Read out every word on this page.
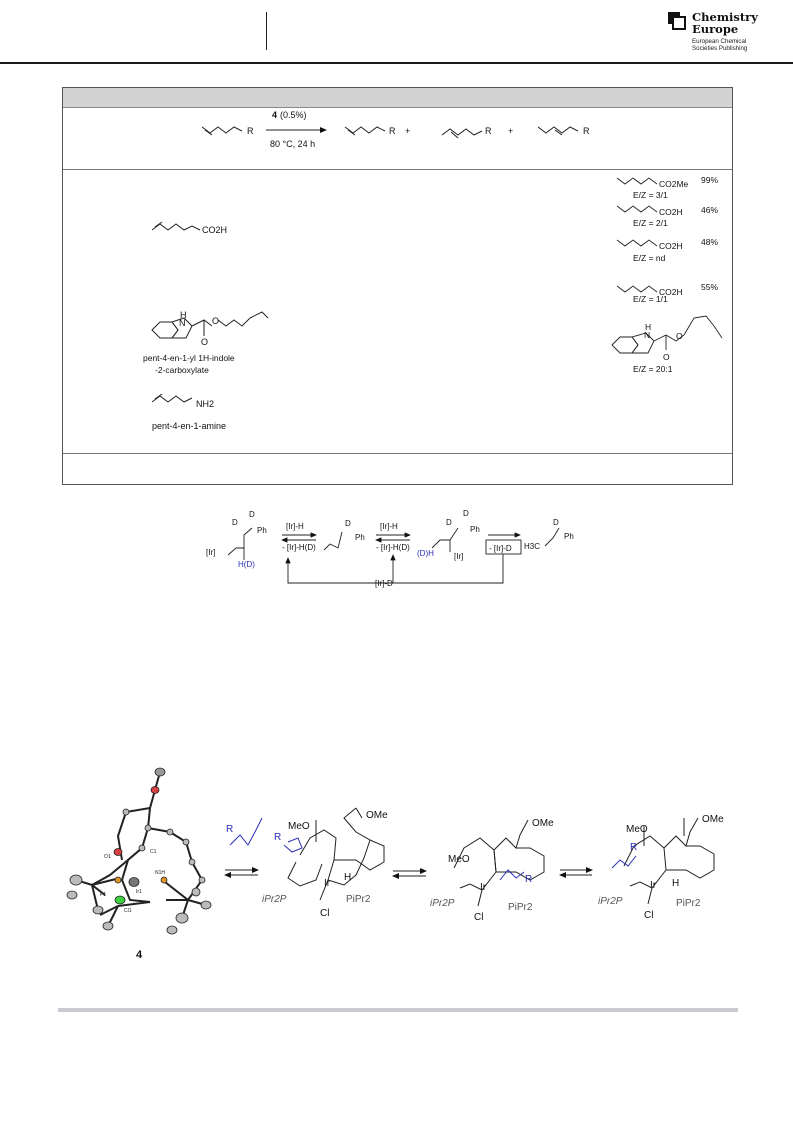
Chemistry
Europe
European Chemical
Societies Publishing
R
4 (0.5%)
80 °C, 24 h
R +	R +	R
CO2H
H
N
O
O
pent-4-en-1-yl 1H-indole
-2-carboxylate
NH2
pent-4-en-1-amine
CO2Me 99%
E/Z = 3/1
CO2H 46%
E/Z = 2/1
CO2H 48%
E/Z = nd
CO2H 55%
E/Z = 1/1
H
N
O
O
E/Z = 20:1
D
D
Ph
[Ir]
H(D)
[Ir]-H
- [Ir]-H(D)
D
Ph
[Ir]-H
- [Ir]-H(D)
D
D
Ph
(D)H	[Ir]
- [Ir]-D
D
Ph
H3C
[Ir]-D
O1
P1
Cl1
Ir1
N1H
C1
4
R
R
MeO
OMe
Ir
H
Cl
iPr2P	PiPr2
R
MeO
OMe
Ir
Cl
iPr2P	PiPr2
R
MeO
OMe
Ir H
Cl
iPr2P	PiPr2
